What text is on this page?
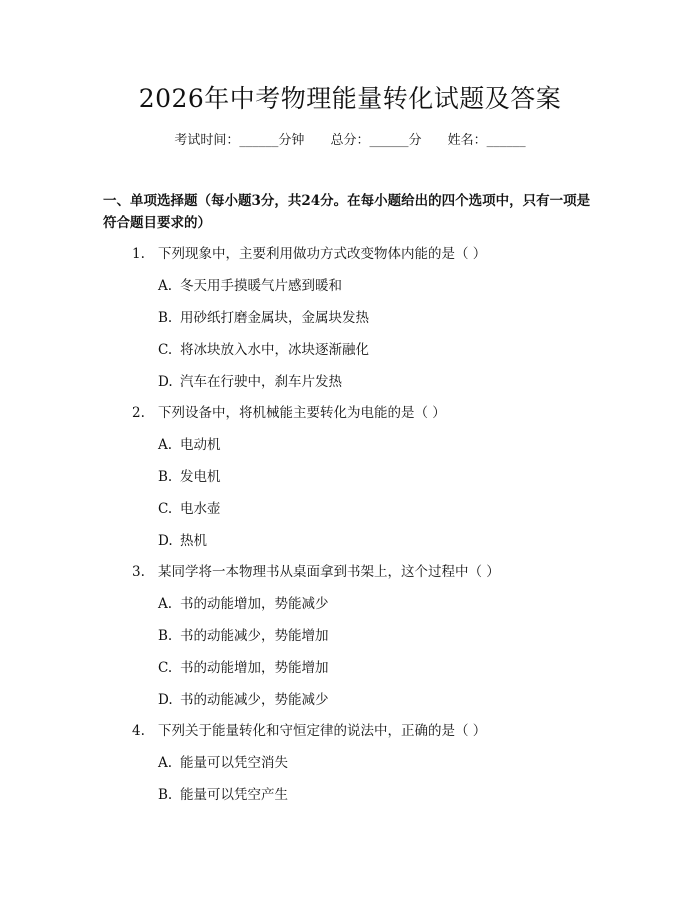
2026年中考物理能量转化试题及答案
考试时间：______分钟 总分：______分 姓名：______
一、单项选择题（每小题3分，共24分。在每小题给出的四个选项中，只有一项是符合题目要求的）
1. 下列现象中，主要利用做功方式改变物体内能的是（ ）
A. 冬天用手摸暖气片感到暖和
B. 用砂纸打磨金属块，金属块发热
C. 将冰块放入水中，冰块逐渐融化
D. 汽车在行驶中，刹车片发热
2. 下列设备中，将机械能主要转化为电能的是（ ）
A. 电动机
B. 发电机
C. 电水壶
D. 热机
3. 某同学将一本物理书从桌面拿到书架上，这个过程中（ ）
A. 书的动能增加，势能减少
B. 书的动能减少，势能增加
C. 书的动能增加，势能增加
D. 书的动能减少，势能减少
4. 下列关于能量转化和守恒定律的说法中，正确的是（ ）
A. 能量可以凭空消失
B. 能量可以凭空产生
